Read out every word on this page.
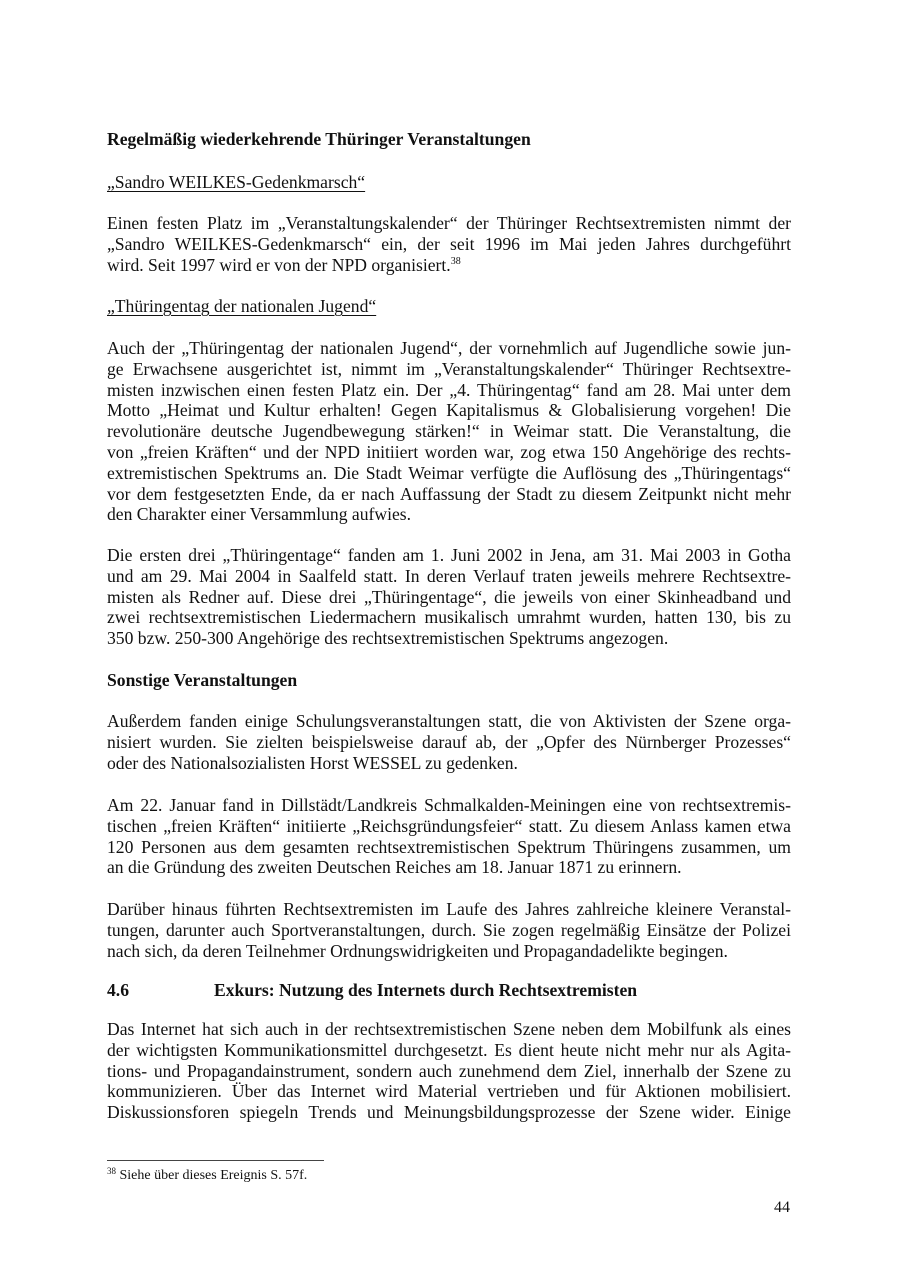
Regelmäßig wiederkehrende Thüringer Veranstaltungen
„Sandro WEILKES-Gedenkmarsch“
Einen festen Platz im „Veranstaltungskalender“ der Thüringer Rechtsextremisten nimmt der
„Sandro WEILKES-Gedenkmarsch“ ein, der seit 1996 im Mai jeden Jahres durchgeführt
wird. Seit 1997 wird er von der NPD organisiert.$^{38}$
„Thüringentag der nationalen Jugend“
Auch der „Thüringentag der nationalen Jugend“, der vornehmlich auf Jugendliche sowie jun-
ge Erwachsene ausgerichtet ist, nimmt im „Veranstaltungskalender“ Thüringer Rechtsextre-
misten inzwischen einen festen Platz ein. Der „4. Thüringentag“ fand am 28. Mai unter dem
Motto „Heimat und Kultur erhalten! Gegen Kapitalismus & Globalisierung vorgehen! Die
revolutionäre deutsche Jugendbewegung stärken!“ in Weimar statt. Die Veranstaltung, die
von „freien Kräften“ und der NPD initiiert worden war, zog etwa 150 Angehörige des rechts-
extremistischen Spektrums an. Die Stadt Weimar verfügte die Auflösung des „Thüringentags“
vor dem festgesetzten Ende, da er nach Auffassung der Stadt zu diesem Zeitpunkt nicht mehr
den Charakter einer Versammlung aufwies.
Die ersten drei „Thüringentage“ fanden am 1. Juni 2002 in Jena, am 31. Mai 2003 in Gotha
und am 29. Mai 2004 in Saalfeld statt. In deren Verlauf traten jeweils mehrere Rechtsextre-
misten als Redner auf. Diese drei „Thüringentage“, die jeweils von einer Skinheadband und
zwei rechtsextremistischen Liedermachern musikalisch umrahmt wurden, hatten 130, bis zu
350 bzw. 250-300 Angehörige des rechtsextremistischen Spektrums angezogen.
Sonstige Veranstaltungen
Außerdem fanden einige Schulungsveranstaltungen statt, die von Aktivisten der Szene orga-
nisiert wurden. Sie zielten beispielsweise darauf ab, der „Opfer des Nürnberger Prozesses“
oder des Nationalsozialisten Horst WESSEL zu gedenken.
Am 22. Januar fand in Dillstädt/Landkreis Schmalkalden-Meiningen eine von rechtsextremis-
tischen „freien Kräften“ initiierte „Reichsgründungsfeier“ statt. Zu diesem Anlass kamen etwa
120 Personen aus dem gesamten rechtsextremistischen Spektrum Thüringens zusammen, um
an die Gründung des zweiten Deutschen Reiches am 18. Januar 1871 zu erinnern.
Darüber hinaus führten Rechtsextremisten im Laufe des Jahres zahlreiche kleinere Veranstal-
tungen, darunter auch Sportveranstaltungen, durch. Sie zogen regelmäßig Einsätze der Polizei
nach sich, da deren Teilnehmer Ordnungswidrigkeiten und Propagandadelikte begingen.
4.6	Exkurs: Nutzung des Internets durch Rechtsextremisten
Das Internet hat sich auch in der rechtsextremistischen Szene neben dem Mobilfunk als eines
der wichtigsten Kommunikationsmittel durchgesetzt. Es dient heute nicht mehr nur als Agita-
tions- und Propagandainstrument, sondern auch zunehmend dem Ziel, innerhalb der Szene zu
kommunizieren. Über das Internet wird Material vertrieben und für Aktionen mobilisiert.
Diskussionsforen spiegeln Trends und Meinungsbildungsprozesse der Szene wider. Einige
$^{38}$ Siehe über dieses Ereignis S. 57f.
44
